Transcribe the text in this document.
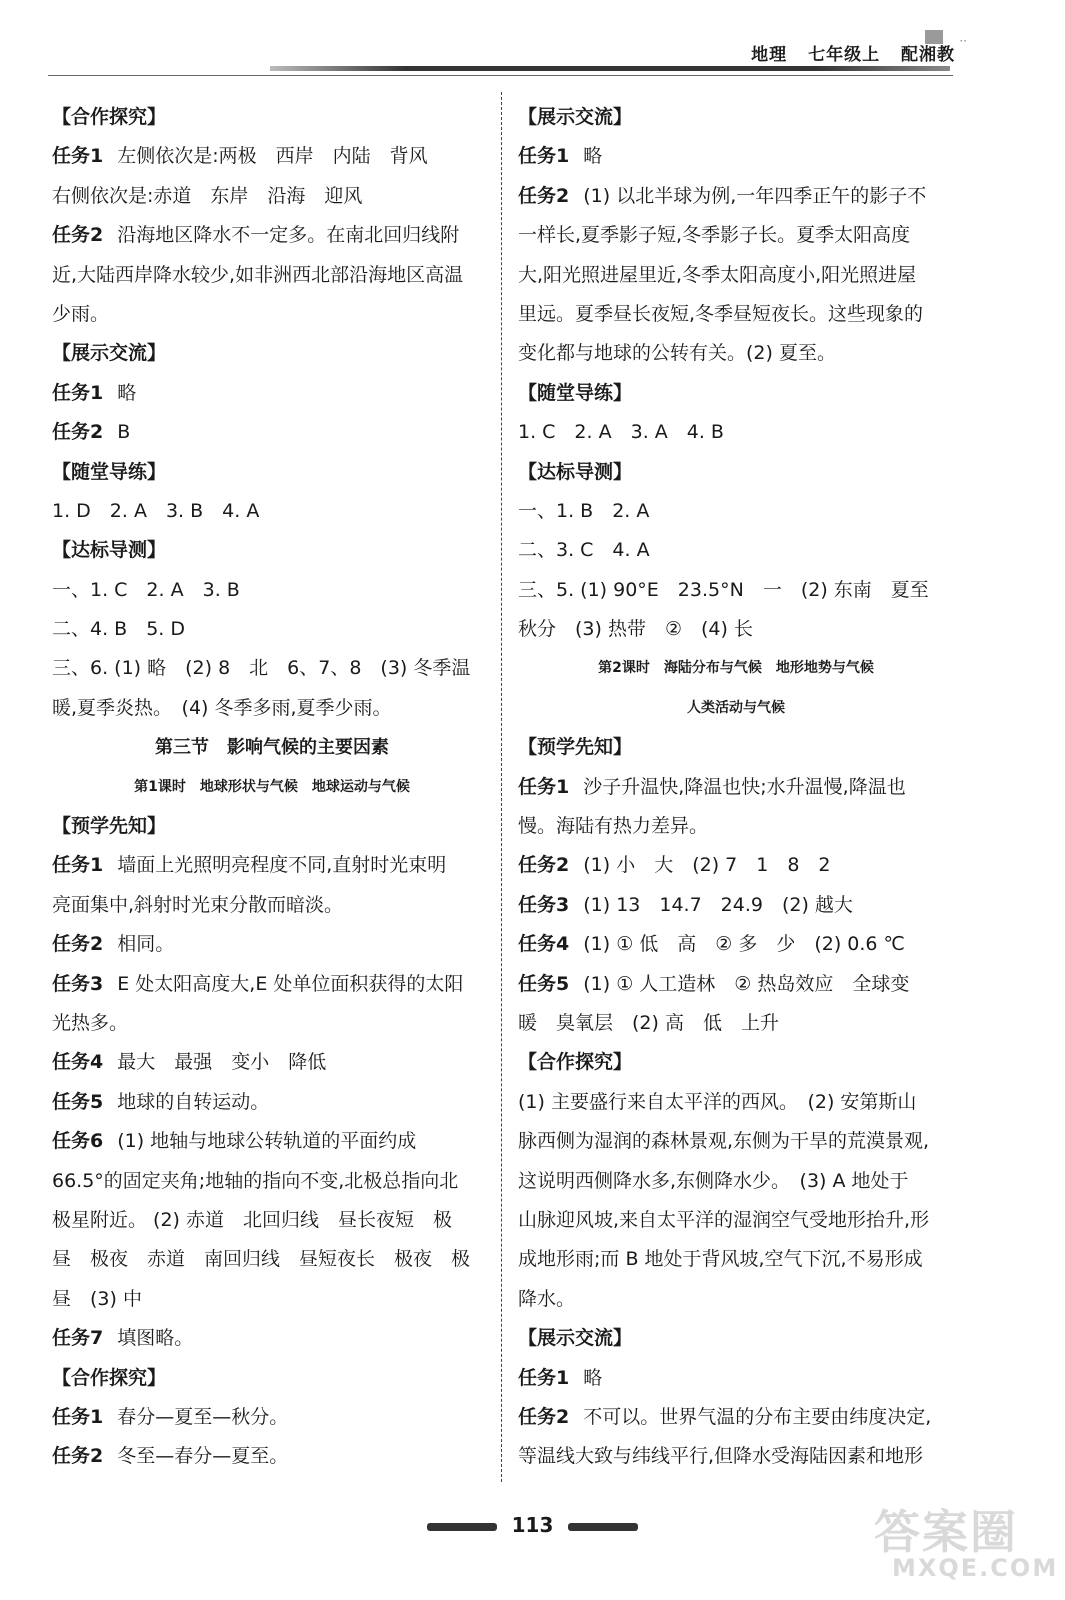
··
地理 七年级上 配湘教
【合作探究】
任务1 左侧依次是:两极　西岸　内陆　背风
右侧依次是:赤道　东岸　沿海　迎风
任务2 沿海地区降水不一定多。在南北回归线附
近,大陆西岸降水较少,如非洲西北部沿海地区高温
少雨。
【展示交流】
任务1 略
任务2 B
【随堂导练】
1. D　2. A　3. B　4. A
【达标导测】
一、1. C　2. A　3. B
二、4. B　5. D
三、6. (1) 略　(2) 8　北　6、7、8　(3) 冬季温
暖,夏季炎热。　(4) 冬季多雨,夏季少雨。
第三节　影响气候的主要因素
第1课时　地球形状与气候　地球运动与气候
【预学先知】
任务1 墙面上光照明亮程度不同,直射时光束明
亮面集中,斜射时光束分散而暗淡。
任务2 相同。
任务3 E 处太阳高度大,E 处单位面积获得的太阳
光热多。
任务4 最大　最强　变小　降低
任务5 地球的自转运动。
任务6 (1) 地轴与地球公转轨道的平面约成
66.5°的固定夹角;地轴的指向不变,北极总指向北
极星附近。 (2) 赤道　北回归线　昼长夜短　极
昼　极夜　赤道　南回归线　昼短夜长　极夜　极
昼　(3) 中
任务7 填图略。
【合作探究】
任务1 春分—夏至—秋分。
任务2 冬至—春分—夏至。
【展示交流】
任务1 略
任务2 (1) 以北半球为例,一年四季正午的影子不
一样长,夏季影子短,冬季影子长。夏季太阳高度
大,阳光照进屋里近,冬季太阳高度小,阳光照进屋
里远。夏季昼长夜短,冬季昼短夜长。这些现象的
变化都与地球的公转有关。(2) 夏至。
【随堂导练】
1. C　2. A　3. A　4. B
【达标导测】
一、1. B　2. A
二、3. C　4. A
三、5. (1) 90°E　23.5°N　一　(2) 东南　夏至
秋分　(3) 热带　②　(4) 长
第2课时　海陆分布与气候　地形地势与气候
人类活动与气候
【预学先知】
任务1 沙子升温快,降温也快;水升温慢,降温也
慢。海陆有热力差异。
任务2 (1) 小　大　(2) 7　1　8　2
任务3 (1) 13　14.7　24.9　(2) 越大
任务4 (1) ① 低　高　② 多　少　(2) 0.6 ℃
任务5 (1) ① 人工造林　② 热岛效应　全球变
暖　臭氧层　(2) 高　低　上升
【合作探究】
(1) 主要盛行来自太平洋的西风。　(2) 安第斯山
脉西侧为湿润的森林景观,东侧为干旱的荒漠景观,
这说明西侧降水多,东侧降水少。　(3) A 地处于
山脉迎风坡,来自太平洋的湿润空气受地形抬升,形
成地形雨;而 B 地处于背风坡,空气下沉,不易形成
降水。
【展示交流】
任务1 略
任务2 不可以。世界气温的分布主要由纬度决定,
等温线大致与纬线平行,但降水受海陆因素和地形
113	答案圈
MXQE.COM
